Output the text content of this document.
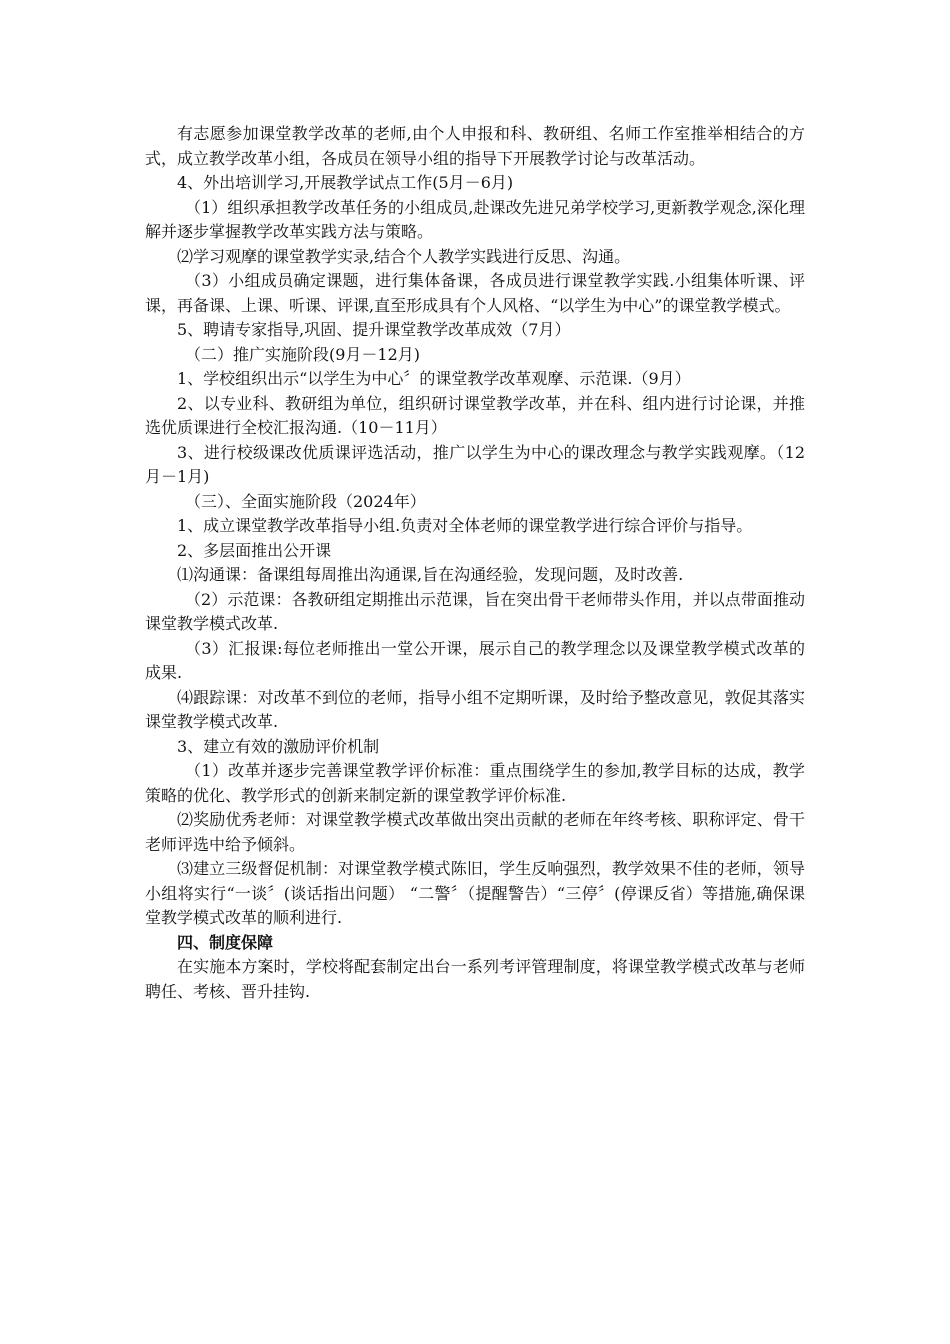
有志愿参加课堂教学改革的老师,由个人申报和科、教研组、名师工作室推举相结合的方式，成立教学改革小组，各成员在领导小组的指导下开展教学讨论与改革活动。

4、外出培训学习,开展教学试点工作(5月－6月)

（1）组织承担教学改革任务的小组成员,赴课改先进兄弟学校学习,更新教学观念,深化理解并逐步掌握教学改革实践方法与策略。

⑵学习观摩的课堂教学实录,结合个人教学实践进行反思、沟通。

（3）小组成员确定课题，进行集体备课，各成员进行课堂教学实践.小组集体听课、评课，再备课、上课、听课、评课,直至形成具有个人风格、“以学生为中心”的课堂教学模式。

5、聘请专家指导,巩固、提升课堂教学改革成效（7月）

（二）推广实施阶段(9月－12月)

1、学校组织出示“以学生为中心〞的课堂教学改革观摩、示范课.（9月）

2、以专业科、教研组为单位，组织研讨课堂教学改革，并在科、组内进行讨论课，并推选优质课进行全校汇报沟通.（10－11月）

3、进行校级课改优质课评选活动，推广以学生为中心的课改理念与教学实践观摩。（12月－1月)

（三）、全面实施阶段（2024年）

1、成立课堂教学改革指导小组.负责对全体老师的课堂教学进行综合评价与指导。

2、多层面推出公开课

⑴沟通课：备课组每周推出沟通课,旨在沟通经验，发现问题，及时改善.

（2）示范课：各教研组定期推出示范课，旨在突出骨干老师带头作用，并以点带面推动课堂教学模式改革.

（3）汇报课:每位老师推出一堂公开课，展示自己的教学理念以及课堂教学模式改革的成果.

⑷跟踪课：对改革不到位的老师，指导小组不定期听课，及时给予整改意见，敦促其落实课堂教学模式改革.

3、建立有效的激励评价机制

（1）改革并逐步完善课堂教学评价标准：重点围绕学生的参加,教学目标的达成，教学策略的优化、教学形式的创新来制定新的课堂教学评价标准.

⑵奖励优秀老师：对课堂教学模式改革做出突出贡献的老师在年终考核、职称评定、骨干老师评选中给予倾斜。

⑶建立三级督促机制：对课堂教学模式陈旧，学生反响强烈，教学效果不佳的老师，领导小组将实行“一谈〞(谈话指出问题） “二警〞（提醒警告）“三停〞(停课反省）等措施,确保课堂教学模式改革的顺利进行.

四、制度保障

在实施本方案时，学校将配套制定出台一系列考评管理制度，将课堂教学模式改革与老师聘任、考核、晋升挂钩.
